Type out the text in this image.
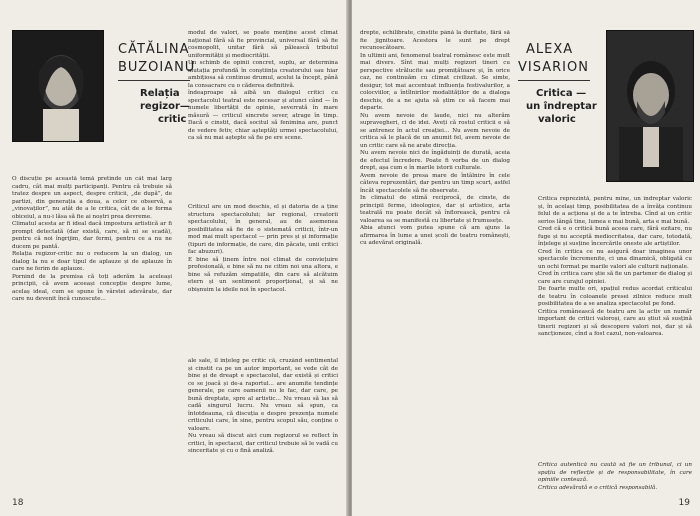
CĂTĂLINA
BUZOIANU
Relația
regizor—
critic
modul de valori, se poate menține acest climat național fără să fie provincial, universal fără să fie cosmopolit, unitar fără să pălească tributul uniformității și mediocrității.
Un schimb de opinii concret, suplu, ar determina mutația profundă în conștiința creatorului sau hiar ambițiosa să continue drumul, acelui la încept, până la consacrare cu o căderea definitivă.
îndeaproape să aibă un dialogul critici cu spectacolul teatral este necesar și atunci când — în numele libertății de opinie, severrată în mare măsură — criticul sincrete sever, atrage în timp. Dacă e cinstit, dacă socitul să fenimina are, punct de vedere fetiv, chiar așteptăți urmei spectacolului, ca să nu mai aștepte să fie pe ere scene.
Criticul are un mod deschis, el și datoria de a ține structura spectacolului; iar regional, creatorii spectacolului, în general, au de asemenea posibilitatea să fie de o sistemată criticii, într-un mod mai mult spectacol — prin pres și și informație (tipuri de informație, de care, din păcate, unii critici fac abuzuri).
E bine să ținem între noi climat de conviețuire profesională, e bine să nu ne citim noi una altora, e bine să refuzăm simpatiile, din care să alcătuim etern și un sentiment proporțional, și să ne obișnuim la ideile noi în spectacol.
O discuție pe această temă pretinde un cât mai larg cadru, cât mai mulți participanți. Pentru că trebuie să tratez despre un aspect, despre criticii, „de după”, de partizi, din generația a doua, a celor ce observă, a „vinovaților”, nu atât de a le critica, cât de a le forma obiceiul, a nu-i lăsa să fie ai noștri prea devreme.
Climatul acesta ar fi ideal dacă impostura artistică ar fi prompt detectată (dar există, care, să ni se scadă), pentru că noi îngrijim, dar fermi, pentru ce a nu ne ducem pe pantă.
Relația regizor-critic nu o reducem la un dialog, un dialog la nu e doar tipul de aplauze și de aplauze în care ne ferim de aplauze.
Pornind de la premisa că toți aderăm la aceleași principii, că avem aceeași concepție despre lume, acelaș ideal, cum se spune în vârstei adevărate, dar care nu devenit încă cunoscute...
ale sale, îl înțeleg pe critic că, cruzând sentimental și cinstit ca pe un autor important, se vede cât de bine și de dreapt e spectacolul, dar există și critici ce se joacă și de-a raportul... are anumite tendințe generale, pe care oamenii nu le fac, dar care, pe bună dreptate, spre al artistic... Nu vreau să las să cadă singurul lucru. Nu vreau să spun, ca întotdeauna, că discuția e despre prezența numele criticului care, în sine, pentru scopul său, conține o valoare.
Nu vreau să discut aici cum regizorul se reflect în critici, în spectacol, dar criticul trebuie să le vadă cu sinceritate și cu o fină analiză.
18
drepte, echilibrate, cinstite până la duritate, fără să fie jignitoare. Acestora le sunt pe drept recunoscătoare.
In ultimii ani, fenomenul teatral românesc este mult mai divers. Sînt mai mulți regizori tineri cu perspective strălucite sau promițătoare și, în orice caz, ne continuăm cu climat civilizat. Se simte, desigur, tot mai accentuat influența festivalurilor, a colocviilor, a întîlnirilor modalităților de a dialoga deschis, de a ne ajuta să știm ce să facem mai departe.
Nu avem nevoie de laude, nici nu alterăm supravegheri, ci de idei. Aveți că rostul criticii e să se antrenez în actul creației... Nu avem nevoie de critica să le placă de un anumit fel, avem nevoie de un critic care să ne arate direcția.
Nu avem nevoie nici de îngăduinți de durată, aceia de efectul încredere. Poate fi vorba de un dialog drept, așa cum e în marile istorii culturale.
Avem nevoie de presa mare de întâlnire în cele câteva reprezentări, dar pentru un timp scurt, astfel încât spectacolele să fie observate.
In climatul de stimă reciprocă, de cinste, de principii ferme, ideologice, dar și artistice, arta teatrală nu poate decât să înflorească, pentru că valoarea sa se manifestă cu libertate și frumusețe.
Abia atunci vom putea spune că am ajuns la afirmarea în lume a unei școli de teatru românești, cu adevărat originală.
ALEXA
VISARION
Critica —
un îndreptar
valoric
Critica reprezintă, pentru mine, un îndreptar valoric și, în același timp, posibilitatea de a învăța continuu felul de a acționa și de a te întreba. Cînd ai un critic serios lângă tine, lumea e mai bună, arta e mai bună.
Cred că e o critică bună aceea care, fără ezitare, nu fuge și nu acceptă mediocritatea, dar care, totodată, înțelege și susține încercările oneste ale artiștilor.
Cred în critica ce nu asigură doar imaginea unor spectacole încremenite, ci una dinamică, obligată cu un ochi format pe marile valori ale culturii naționale.
Cred în critica care știe să fie un partener de dialog și care are curajul opiniei.
De foarte multe ori, spațiul redus acordat criticului de teatru în coloanele presei zilnice reduce mult posibilitatea de a se analiza spectacolul pe fond.
Critica românească de teatru are la activ un număr important de critici valoroși, care au știut să susțină tinerii regizori și să descopere valori noi, dar și să sancționeze, cînd a fost cazul, non-valoarea.
Critica autentică nu caută să fie un tribunal, ci un spațiu de reflecție și de responsabilitate, în care opiniile contează.
Critica adevărată e o critică responsabilă.
19
